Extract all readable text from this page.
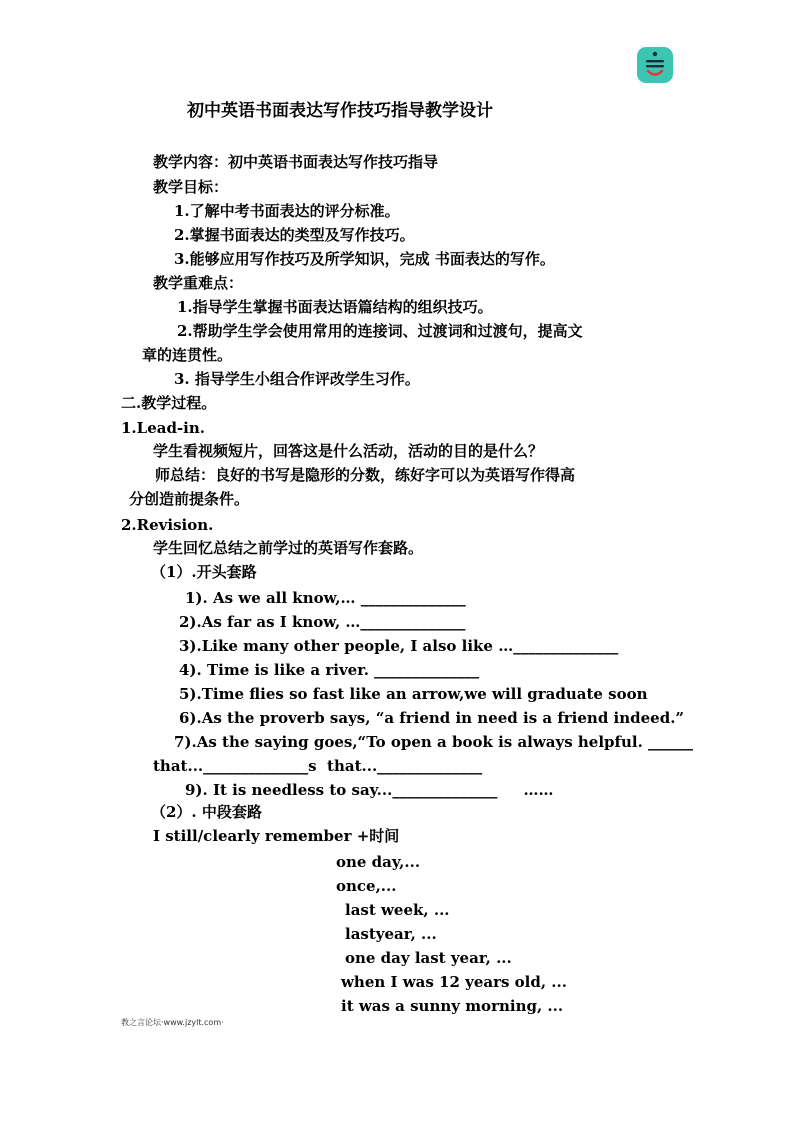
初中英语书面表达写作技巧指导教学设计
教学内容：初中英语书面表达写作技巧指导
教学目标：
1.了解中考书面表达的评分标准。
2.掌握书面表达的类型及写作技巧。
3.能够应用写作技巧及所学知识，完成 书面表达的写作。
教学重难点：
1.指导学生掌握书面表达语篇结构的组织技巧。
2.帮助学生学会使用常用的连接词、过渡词和过渡句，提高文
章的连贯性。
3. 指导学生小组合作评改学生习作。
二.教学过程。
1.Lead-in.
学生看视频短片，回答这是什么活动，活动的目的是什么？
师总结：良好的书写是隐形的分数，练好字可以为英语写作得高
分创造前提条件。
2.Revision.
学生回忆总结之前学过的英语写作套路。
（1）.开头套路
1). As we all know,… ______________
2).As far as I know, …______________
3).Like many other people, I also like …______________
4). Time is like a river. ______________
5).Time flies so fast like an arrow,we will graduate soon
6).As the proverb says, “a friend in need is a friend indeed.”
7).As the saying goes,“To open a book is always helpful. ______
that...______________s  that...______________
9). It is needless to say...______________     ……
（2）. 中段套路
I still/clearly remember +时间
one day,...
once,...
last week, ...
lastyear, ...
one day last year, ...
when I was 12 years old, ...
it was a sunny morning, ...
教之言论坛·www.jzylt.com·
